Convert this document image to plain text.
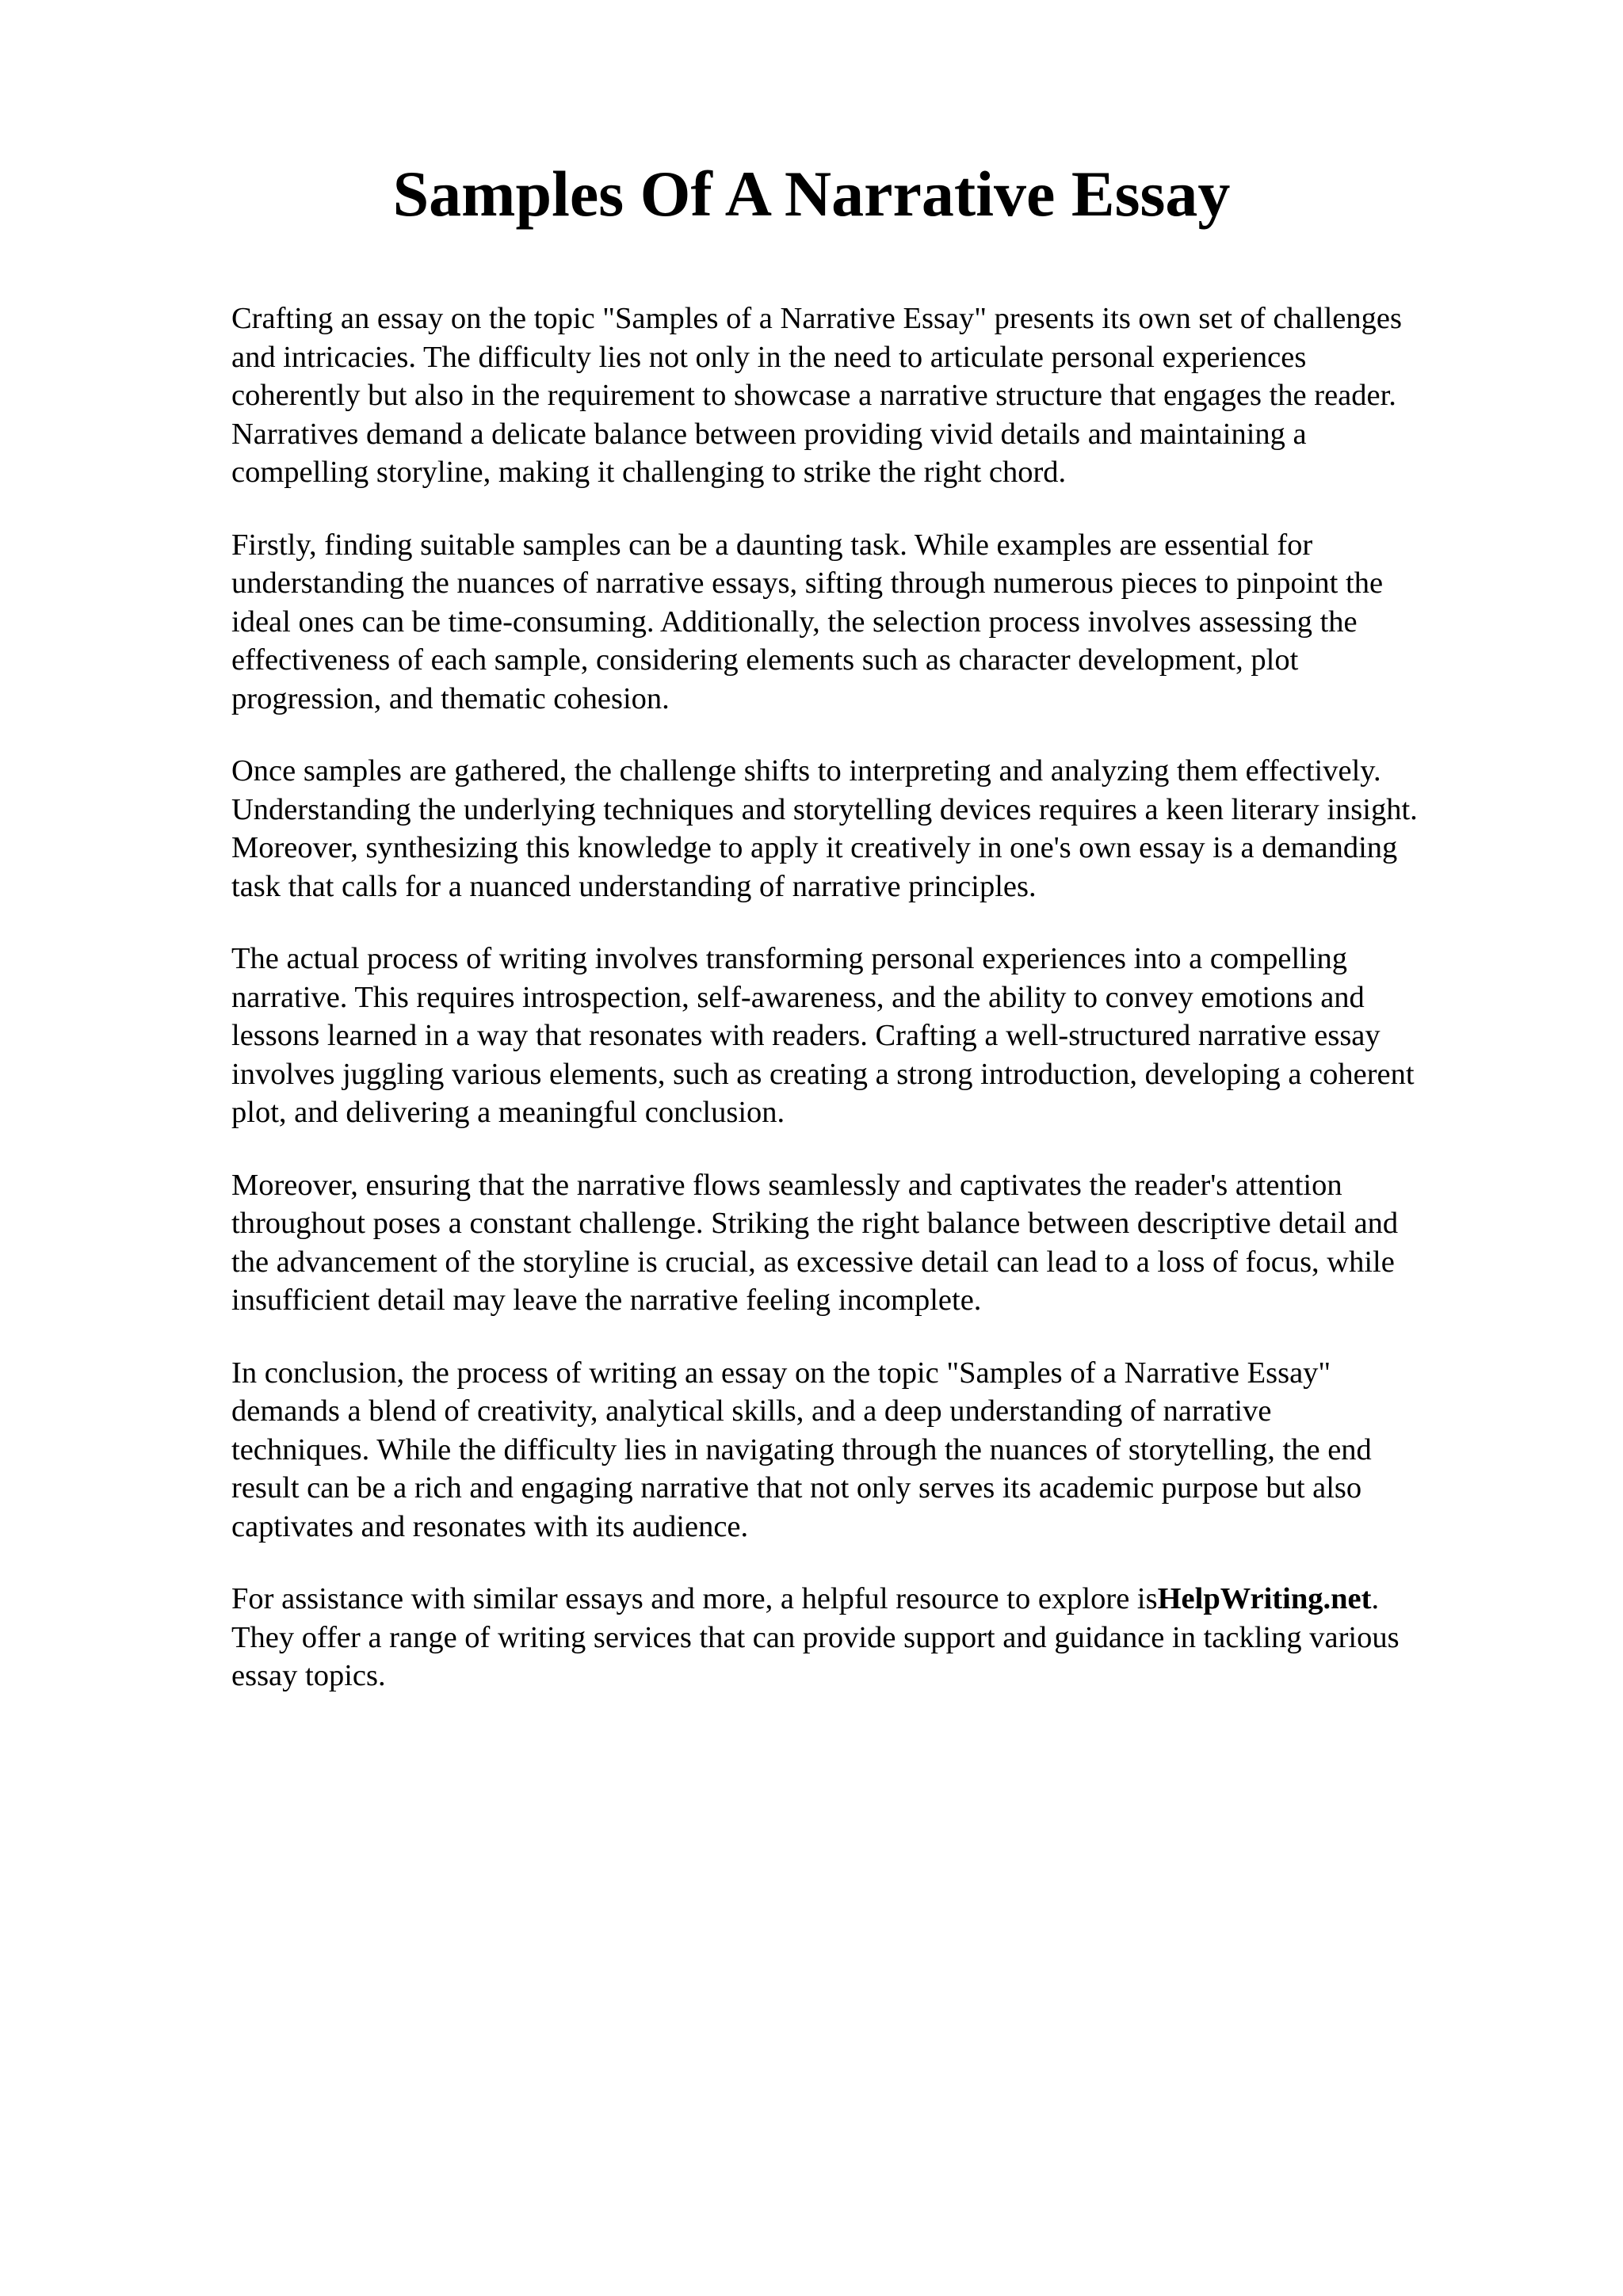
Samples Of A Narrative Essay

Crafting an essay on the topic "Samples of a Narrative Essay" presents its own set of challenges
and intricacies. The difficulty lies not only in the need to articulate personal experiences
coherently but also in the requirement to showcase a narrative structure that engages the reader.
Narratives demand a delicate balance between providing vivid details and maintaining a
compelling storyline, making it challenging to strike the right chord.

Firstly, finding suitable samples can be a daunting task. While examples are essential for
understanding the nuances of narrative essays, sifting through numerous pieces to pinpoint the
ideal ones can be time-consuming. Additionally, the selection process involves assessing the
effectiveness of each sample, considering elements such as character development, plot
progression, and thematic cohesion.

Once samples are gathered, the challenge shifts to interpreting and analyzing them effectively.
Understanding the underlying techniques and storytelling devices requires a keen literary insight.
Moreover, synthesizing this knowledge to apply it creatively in one's own essay is a demanding
task that calls for a nuanced understanding of narrative principles.

The actual process of writing involves transforming personal experiences into a compelling
narrative. This requires introspection, self-awareness, and the ability to convey emotions and
lessons learned in a way that resonates with readers. Crafting a well-structured narrative essay
involves juggling various elements, such as creating a strong introduction, developing a coherent
plot, and delivering a meaningful conclusion.

Moreover, ensuring that the narrative flows seamlessly and captivates the reader's attention
throughout poses a constant challenge. Striking the right balance between descriptive detail and
the advancement of the storyline is crucial, as excessive detail can lead to a loss of focus, while
insufficient detail may leave the narrative feeling incomplete.

In conclusion, the process of writing an essay on the topic "Samples of a Narrative Essay"
demands a blend of creativity, analytical skills, and a deep understanding of narrative
techniques. While the difficulty lies in navigating through the nuances of storytelling, the end
result can be a rich and engaging narrative that not only serves its academic purpose but also
captivates and resonates with its audience.

For assistance with similar essays and more, a helpful resource to explore isHelpWriting.net.
They offer a range of writing services that can provide support and guidance in tackling various
essay topics.
